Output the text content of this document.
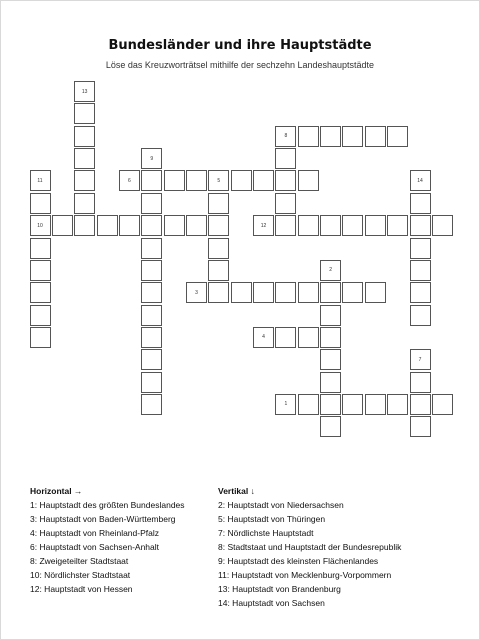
Bundesländer und ihre Hauptstädte
Löse das Kreuzworträtsel mithilfe der sechzehn Landeshauptstädte
1
3
4
6	5
8
10	12
2
7
9
11
13
14
Horizontal →
1: Hauptstadt des größten Bundeslandes
3: Hauptstadt von Baden-Württemberg
4: Hauptstadt von Rheinland-Pfalz
6: Hauptstadt von Sachsen-Anhalt
8: Zweigeteilter Stadtstaat
10: Nördlichster Stadtstaat
12: Hauptstadt von Hessen
Vertikal ↓
2: Hauptstadt von Niedersachsen
5: Hauptstadt von Thüringen
7: Nördlichste Hauptstadt
8: Stadtstaat und Hauptstadt der Bundesrepublik
9: Hauptstadt des kleinsten Flächenlandes
11: Hauptstadt von Mecklenburg-Vorpommern
13: Hauptstadt von Brandenburg
14: Hauptstadt von Sachsen
